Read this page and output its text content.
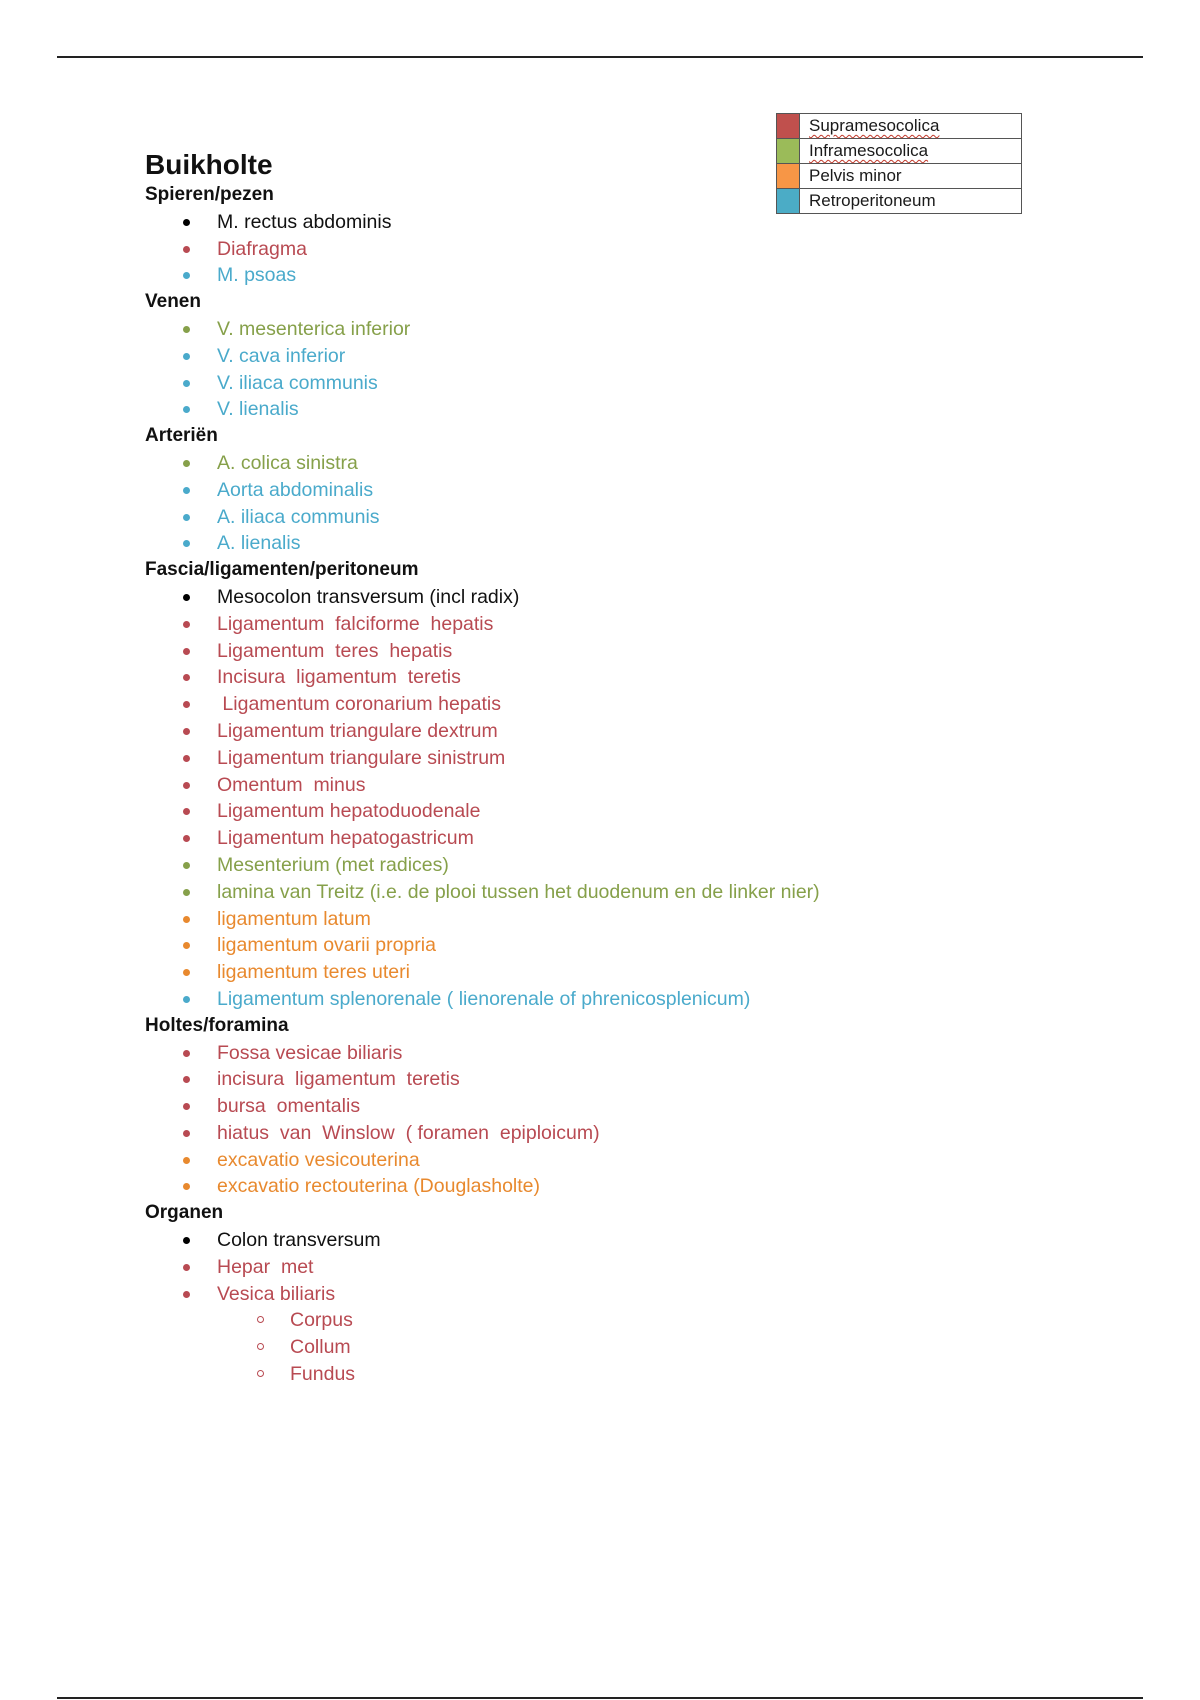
	Supramesocolica
	Inframesocolica
	Pelvis minor
	Retroperitoneum
Buikholte
Spieren/pezen
M. rectus abdominis
Diafragma
M. psoas
Venen
V. mesenterica inferior
V. cava inferior
V. iliaca communis
V. lienalis
Arteriën
A. colica sinistra
Aorta abdominalis
A. iliaca communis
A. lienalis
Fascia/ligamenten/peritoneum
Mesocolon transversum (incl radix)
Ligamentum  falciforme  hepatis
Ligamentum  teres  hepatis
Incisura  ligamentum  teretis
Ligamentum coronarium hepatis
Ligamentum triangulare dextrum
Ligamentum triangulare sinistrum
Omentum  minus
Ligamentum hepatoduodenale
Ligamentum hepatogastricum
Mesenterium (met radices)
lamina van Treitz (i.e. de plooi tussen het duodenum en de linker nier)
ligamentum latum
ligamentum ovarii propria
ligamentum teres uteri
Ligamentum splenorenale ( lienorenale of phrenicosplenicum)
Holtes/foramina
Fossa vesicae biliaris
incisura  ligamentum  teretis
bursa  omentalis
hiatus  van  Winslow  ( foramen  epiploicum)
excavatio vesicouterina
excavatio rectouterina (Douglasholte)
Organen
Colon transversum
Hepar  met
Vesica biliaris
Corpus
Collum
Fundus
